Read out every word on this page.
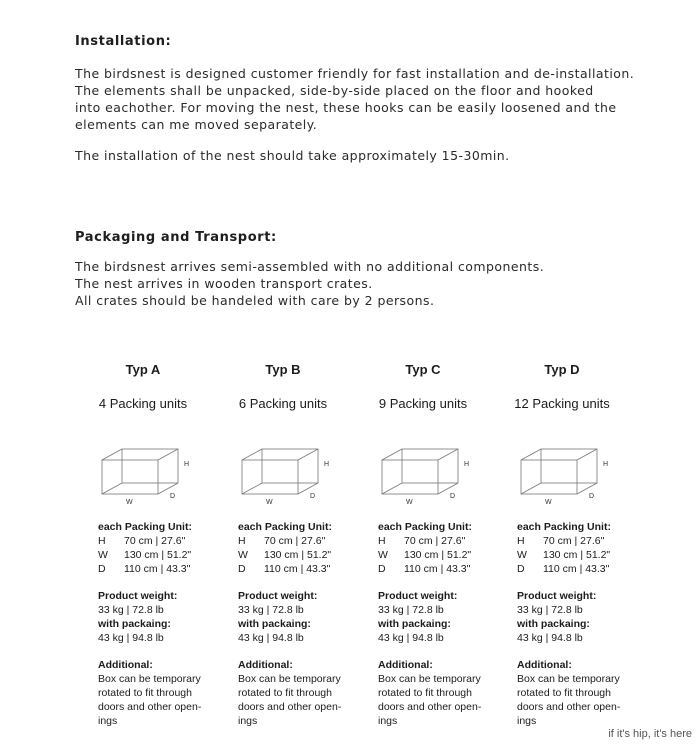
Installation:

The birdsnest is designed customer friendly for fast installation and de-installation.

The elements shall be unpacked, side-by-side placed on the floor and hooked

into eachother. For moving the nest, these hooks can be easily loosened and the

elements can me moved separately.

The installation of the nest should take approximately 15-30min.
Packaging and Transport:

The birdsnest arrives semi-assembled with no additional components.

The nest arrives in wooden transport crates.

All crates should be handeled with care by 2 persons.

Typ A
4 Packing units
H
W
D
each Packing Unit:
H	70 cm | 27.6"
W	130 cm | 51.2"
D	110 cm | 43.3"
Product weight:
33 kg | 72.8 lb
with packaing:
43 kg | 94.8 lb
Additional:
Box can be temporary
rotated to fit through
doors and other open-
ings
Typ B
6 Packing units
H
W
D
each Packing Unit:
H	70 cm | 27.6"
W	130 cm | 51.2"
D	110 cm | 43.3"
Product weight:
33 kg | 72.8 lb
with packaing:
43 kg | 94.8 lb
Additional:
Box can be temporary
rotated to fit through
doors and other open-
ings
Typ C
9 Packing units
H
W
D
each Packing Unit:
H	70 cm | 27.6"
W	130 cm | 51.2"
D	110 cm | 43.3"
Product weight:
33 kg | 72.8 lb
with packaing:
43 kg | 94.8 lb
Additional:
Box can be temporary
rotated to fit through
doors and other open-
ings
Typ D
12 Packing units
H
W
D
each Packing Unit:
H	70 cm | 27.6"
W	130 cm | 51.2"
D	110 cm | 43.3"
Product weight:
33 kg | 72.8 lb
with packaing:
43 kg | 94.8 lb
Additional:
Box can be temporary
rotated to fit through
doors and other open-
ings
if it's hip, it's here
